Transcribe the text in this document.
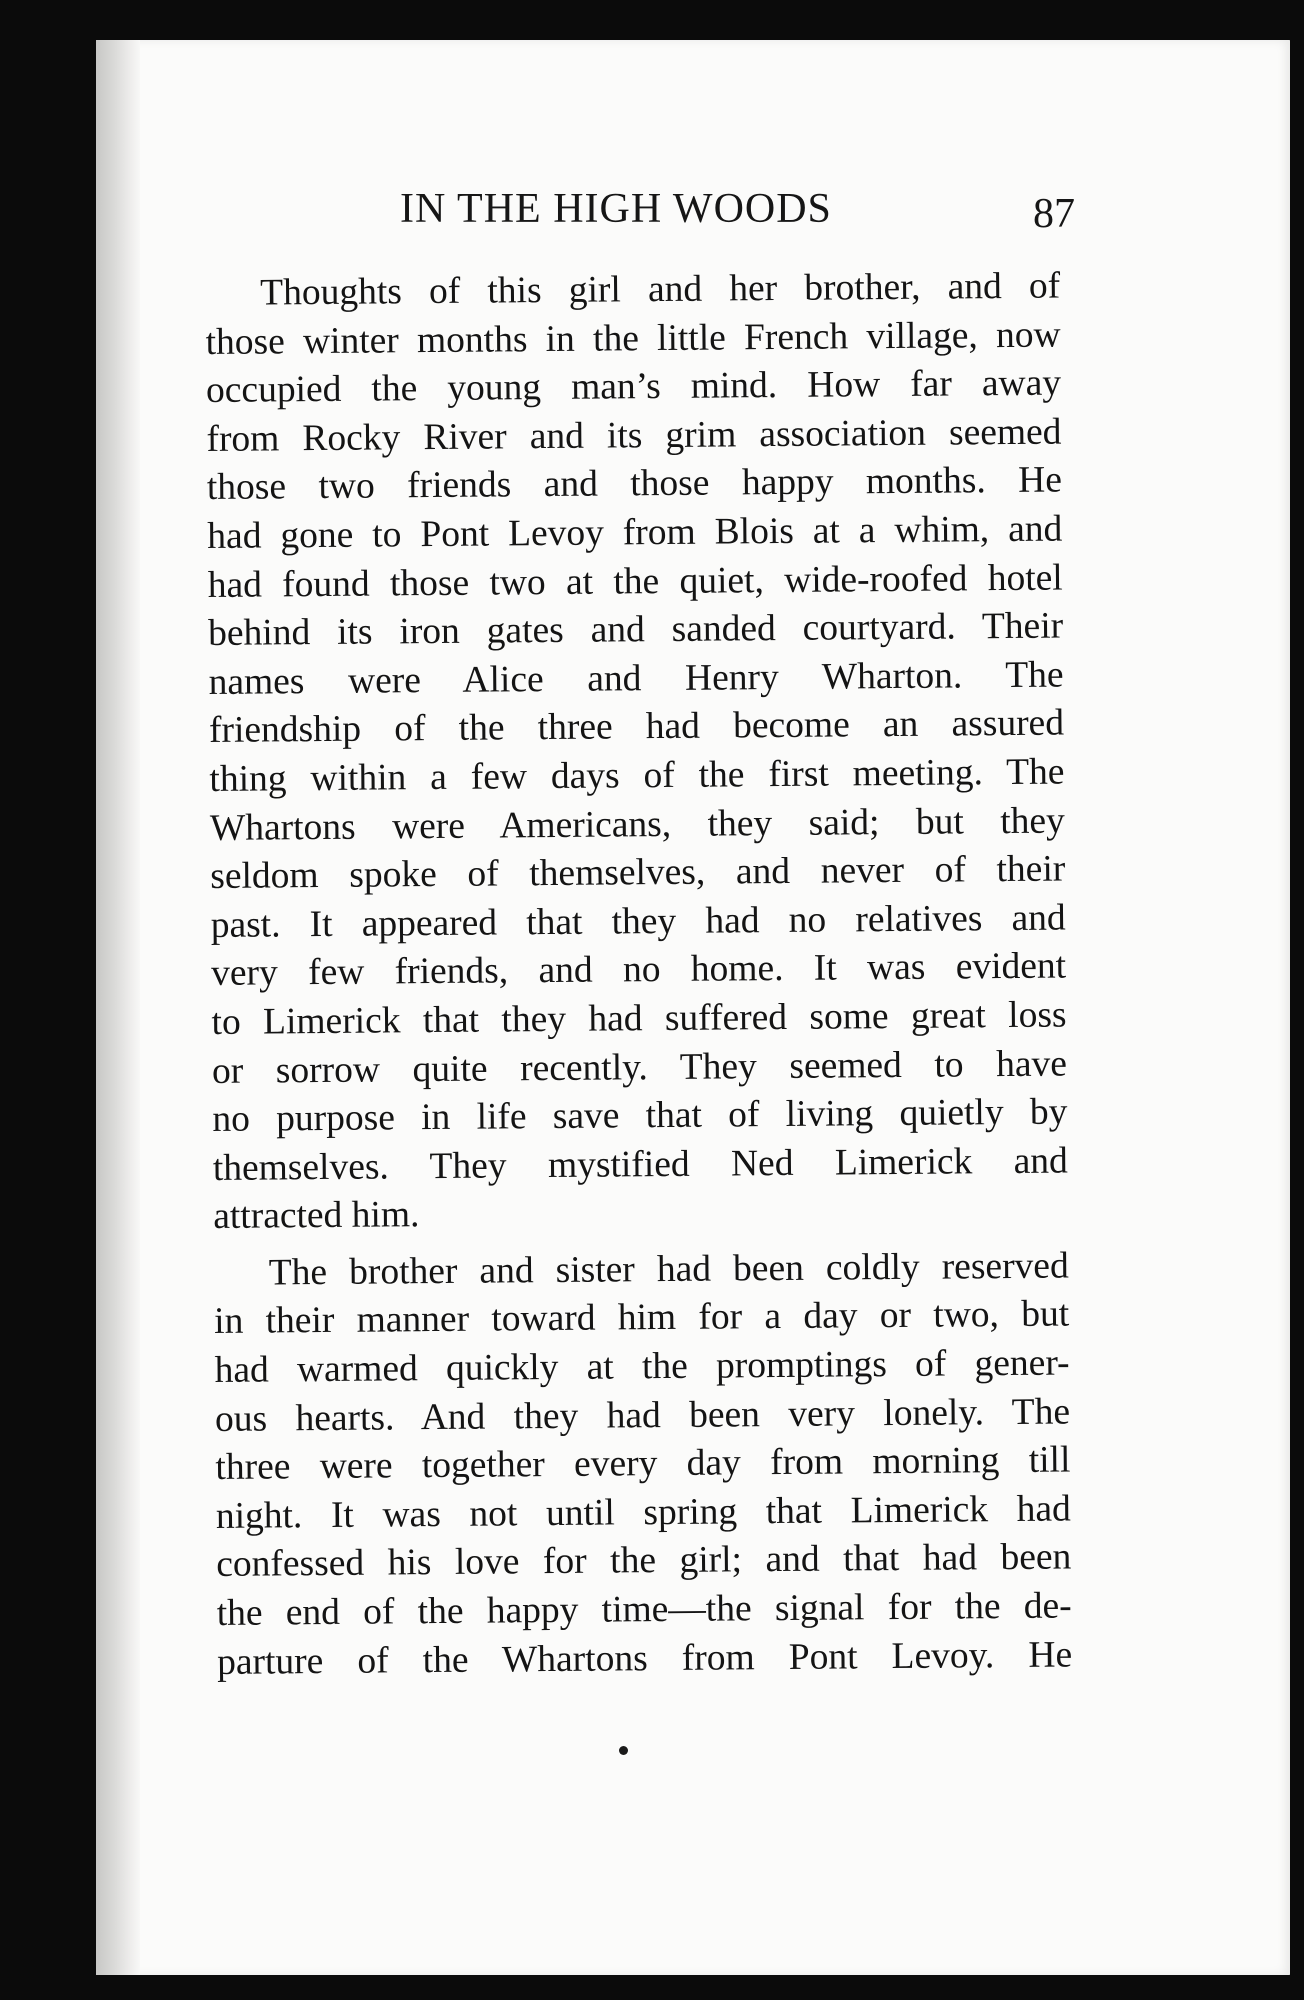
IN THE HIGH WOODS	87
Thoughts of this girl and her brother, and of
those winter months in the little French village, now
occupied the young man’s mind. How far away
from Rocky River and its grim association seemed
those two friends and those happy months. He
had gone to Pont Levoy from Blois at a whim, and
had found those two at the quiet, wide-roofed hotel
behind its iron gates and sanded courtyard. Their
names were Alice and Henry Wharton. The
friendship of the three had become an assured
thing within a few days of the first meeting. The
Whartons were Americans, they said; but they
seldom spoke of themselves, and never of their
past. It appeared that they had no relatives and
very few friends, and no home. It was evident
to Limerick that they had suffered some great loss
or sorrow quite recently. They seemed to have
no purpose in life save that of living quietly by
themselves. They mystified Ned Limerick and
attracted him.
The brother and sister had been coldly reserved
in their manner toward him for a day or two, but
had warmed quickly at the promptings of gener-
ous hearts. And they had been very lonely. The
three were together every day from morning till
night. It was not until spring that Limerick had
confessed his love for the girl; and that had been
the end of the happy time—the signal for the de-
parture of the Whartons from Pont Levoy. He
